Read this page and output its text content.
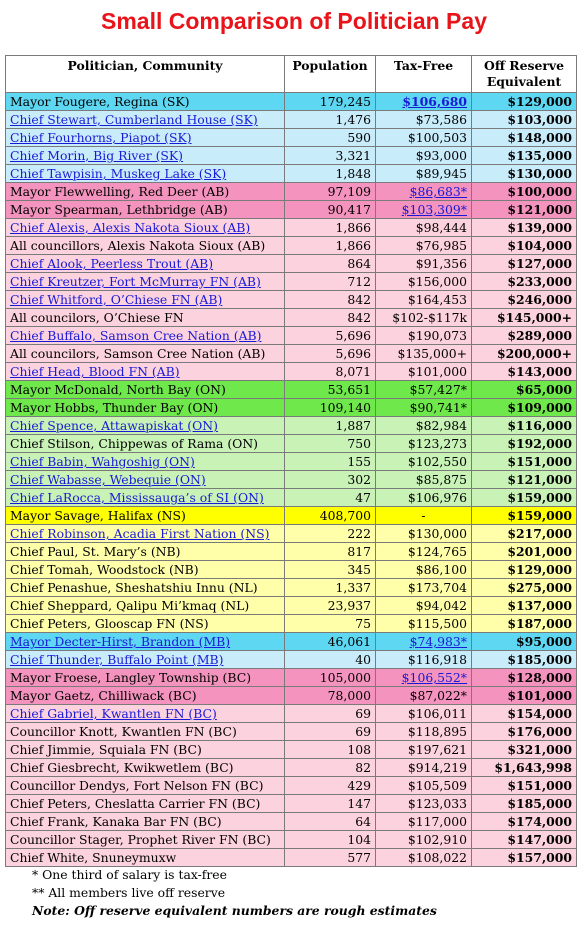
Small Comparison of Politician Pay
Politician, Community	Population	Tax-Free	Off Reserve
Equivalent

Mayor Fougere, Regina (SK)	179,245	$106,680	$129,000
Chief Stewart, Cumberland House (SK)	1,476	$73,586	$103,000
Chief Fourhorns, Piapot (SK)	590	$100,503	$148,000
Chief Morin, Big River (SK)	3,321	$93,000	$135,000
Chief Tawpisin, Muskeg Lake (SK)	1,848	$89,945	$130,000
Mayor Flewwelling, Red Deer (AB)	97,109	$86,683*	$100,000
Mayor Spearman, Lethbridge (AB)	90,417	$103,309*	$121,000
Chief Alexis, Alexis Nakota Sioux (AB)	1,866	$98,444	$139,000
All councillors, Alexis Nakota Sioux (AB)	1,866	$76,985	$104,000
Chief Alook, Peerless Trout (AB)	864	$91,356	$127,000
Chief Kreutzer, Fort McMurray FN (AB)	712	$156,000	$233,000
Chief Whitford, O’Chiese FN (AB)	842	$164,453	$246,000
All councilors, O’Chiese FN	842	$102-$117k	$145,000+
Chief Buffalo, Samson Cree Nation (AB)	5,696	$190,073	$289,000
All councilors, Samson Cree Nation (AB)	5,696	$135,000+	$200,000+
Chief Head, Blood FN (AB)	8,071	$101,000	$143,000
Mayor McDonald, North Bay (ON)	53,651	$57,427*	$65,000
Mayor Hobbs, Thunder Bay (ON)	109,140	$90,741*	$109,000
Chief Spence, Attawapiskat (ON)	1,887	$82,984	$116,000
Chief Stilson, Chippewas of Rama (ON)	750	$123,273	$192,000
Chief Babin, Wahgoshig (ON)	155	$102,550	$151,000
Chief Wabasse, Webequie (ON)	302	$85,875	$121,000
Chief LaRocca, Mississauga’s of SI (ON)	47	$106,976	$159,000
Mayor Savage, Halifax (NS)	408,700	-	$159,000
Chief Robinson, Acadia First Nation (NS)	222	$130,000	$217,000
Chief Paul, St. Mary’s (NB)	817	$124,765	$201,000
Chief Tomah, Woodstock (NB)	345	$86,100	$129,000
Chief Penashue, Sheshatshiu Innu (NL)	1,337	$173,704	$275,000
Chief Sheppard, Qalipu Mi’kmaq (NL)	23,937	$94,042	$137,000
Chief Peters, Glooscap FN (NS)	75	$115,500	$187,000
Mayor Decter-Hirst, Brandon (MB)	46,061	$74,983*	$95,000
Chief Thunder, Buffalo Point (MB)	40	$116,918	$185,000
Mayor Froese, Langley Township (BC)	105,000	$106,552*	$128,000
Mayor Gaetz, Chilliwack (BC)	78,000	$87,022*	$101,000
Chief Gabriel, Kwantlen FN (BC)	69	$106,011	$154,000
Councillor Knott, Kwantlen FN (BC)	69	$118,895	$176,000
Chief Jimmie, Squiala FN (BC)	108	$197,621	$321,000
Chief Giesbrecht, Kwikwetlem (BC)	82	$914,219	$1,643,998
Councillor Dendys, Fort Nelson FN (BC)	429	$105,509	$151,000
Chief Peters, Cheslatta Carrier FN (BC)	147	$123,033	$185,000
Chief Frank, Kanaka Bar FN (BC)	64	$117,000	$174,000
Councillor Stager, Prophet River FN (BC)	104	$102,910	$147,000
Chief White, Snuneymuxw	577	$108,022	$157,000
* One third of salary is tax-free
** All members live off reserve
Note: Off reserve equivalent numbers are rough estimates
